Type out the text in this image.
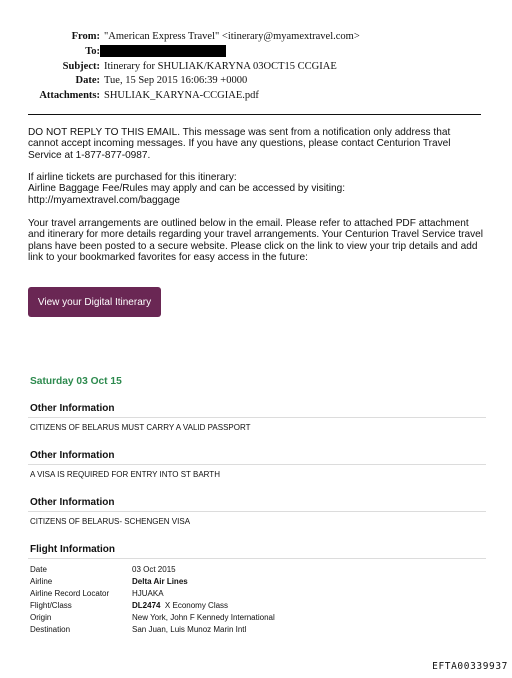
From: "American Express Travel" <itinerary@myamextravel.com>
To:
Subject: Itinerary for SHULIAK/KARYNA 03OCT15 CCGIAE
Date: Tue, 15 Sep 2015 16:06:39 +0000
Attachments: SHULIAK_KARYNA-CCGIAE.pdf
DO NOT REPLY TO THIS EMAIL. This message was sent from a notification only address that
cannot accept incoming messages. If you have any questions, please contact Centurion Travel
Service at 1-877-877-0987.
If airline tickets are purchased for this itinerary:
Airline Baggage Fee/Rules may apply and can be accessed by visiting:
http://myamextravel.com/baggage
Your travel arrangements are outlined below in the email. Please refer to attached PDF attachment
and itinerary for more details regarding your travel arrangements. Your Centurion Travel Service travel
plans have been posted to a secure website. Please click on the link to view your trip details and add
link to your bookmarked favorites for easy access in the future:
View your Digital Itinerary
Saturday 03 Oct 15
Other Information
CITIZENS OF BELARUS MUST CARRY A VALID PASSPORT
Other Information
A VISA IS REQUIRED FOR ENTRY INTO ST BARTH
Other Information
CITIZENS OF BELARUS- SCHENGEN VISA
Flight Information
Date	03 Oct 2015
Airline	Delta Air Lines
Airline Record Locator	HJUAKA
Flight/Class	DL2474 X Economy Class
Origin	New York, John F Kennedy International
Destination	San Juan, Luis Munoz Marin Intl
EFTA00339937
